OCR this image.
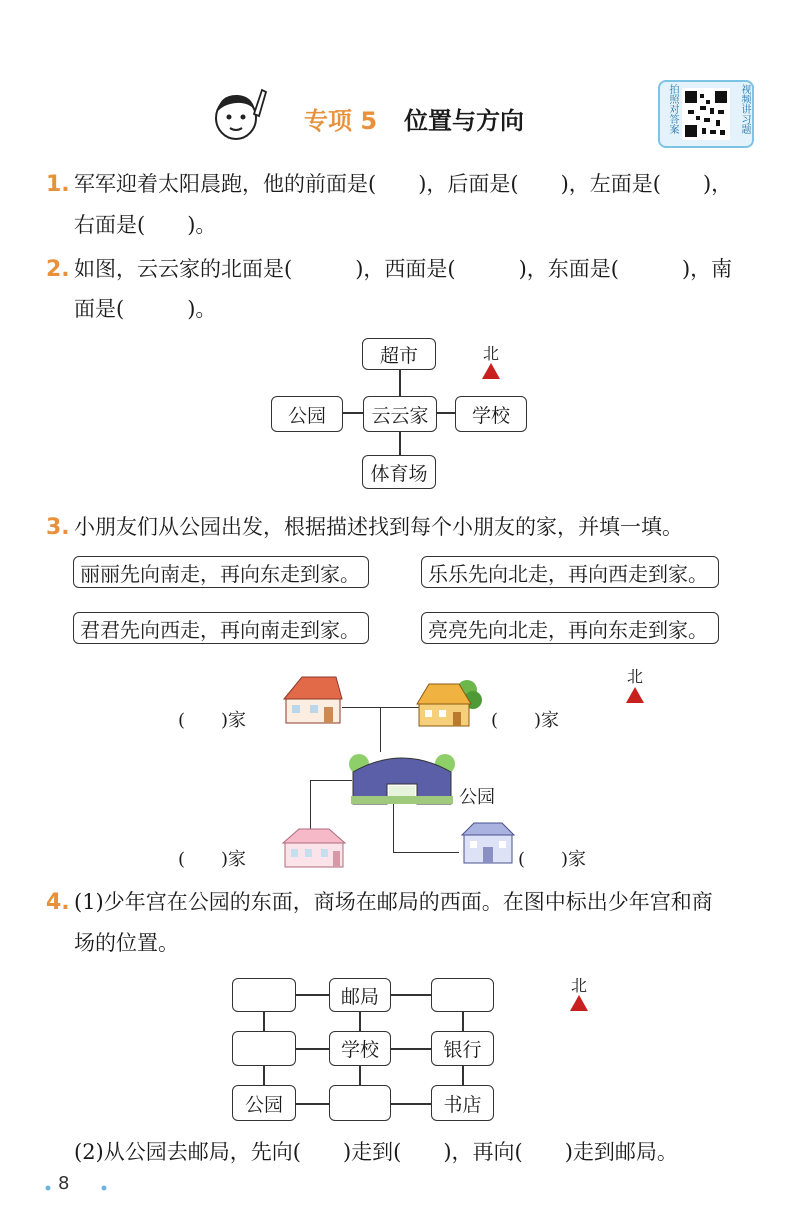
专项 5 位置与方向	拍照对答案	视频讲习题
1. 军军迎着太阳晨跑，他的前面是(　　)，后面是(　　)，左面是(　　)，
右面是(　　)。
2. 如图，云云家的北面是(　　　)，西面是(　　　)，东面是(　　　)，南
面是(　　　)。
超市
公园	云云家	学校
体育场
北
3. 小朋友们从公园出发，根据描述找到每个小朋友的家，并填一填。
丽丽先向南走，再向东走到家。	乐乐先向北走，再向西走到家。
君君先向西走，再向南走到家。	亮亮先向北走，再向东走到家。
公园
(　　)家	(　　)家
(　　)家	(　　)家
北
4. (1)少年宫在公园的东面，商场在邮局的西面。在图中标出少年宫和商
场的位置。
邮局
学校	银行
公园	书店
北
(2)从公园去邮局，先向(　　)走到(　　)，再向(　　)走到邮局。
8
